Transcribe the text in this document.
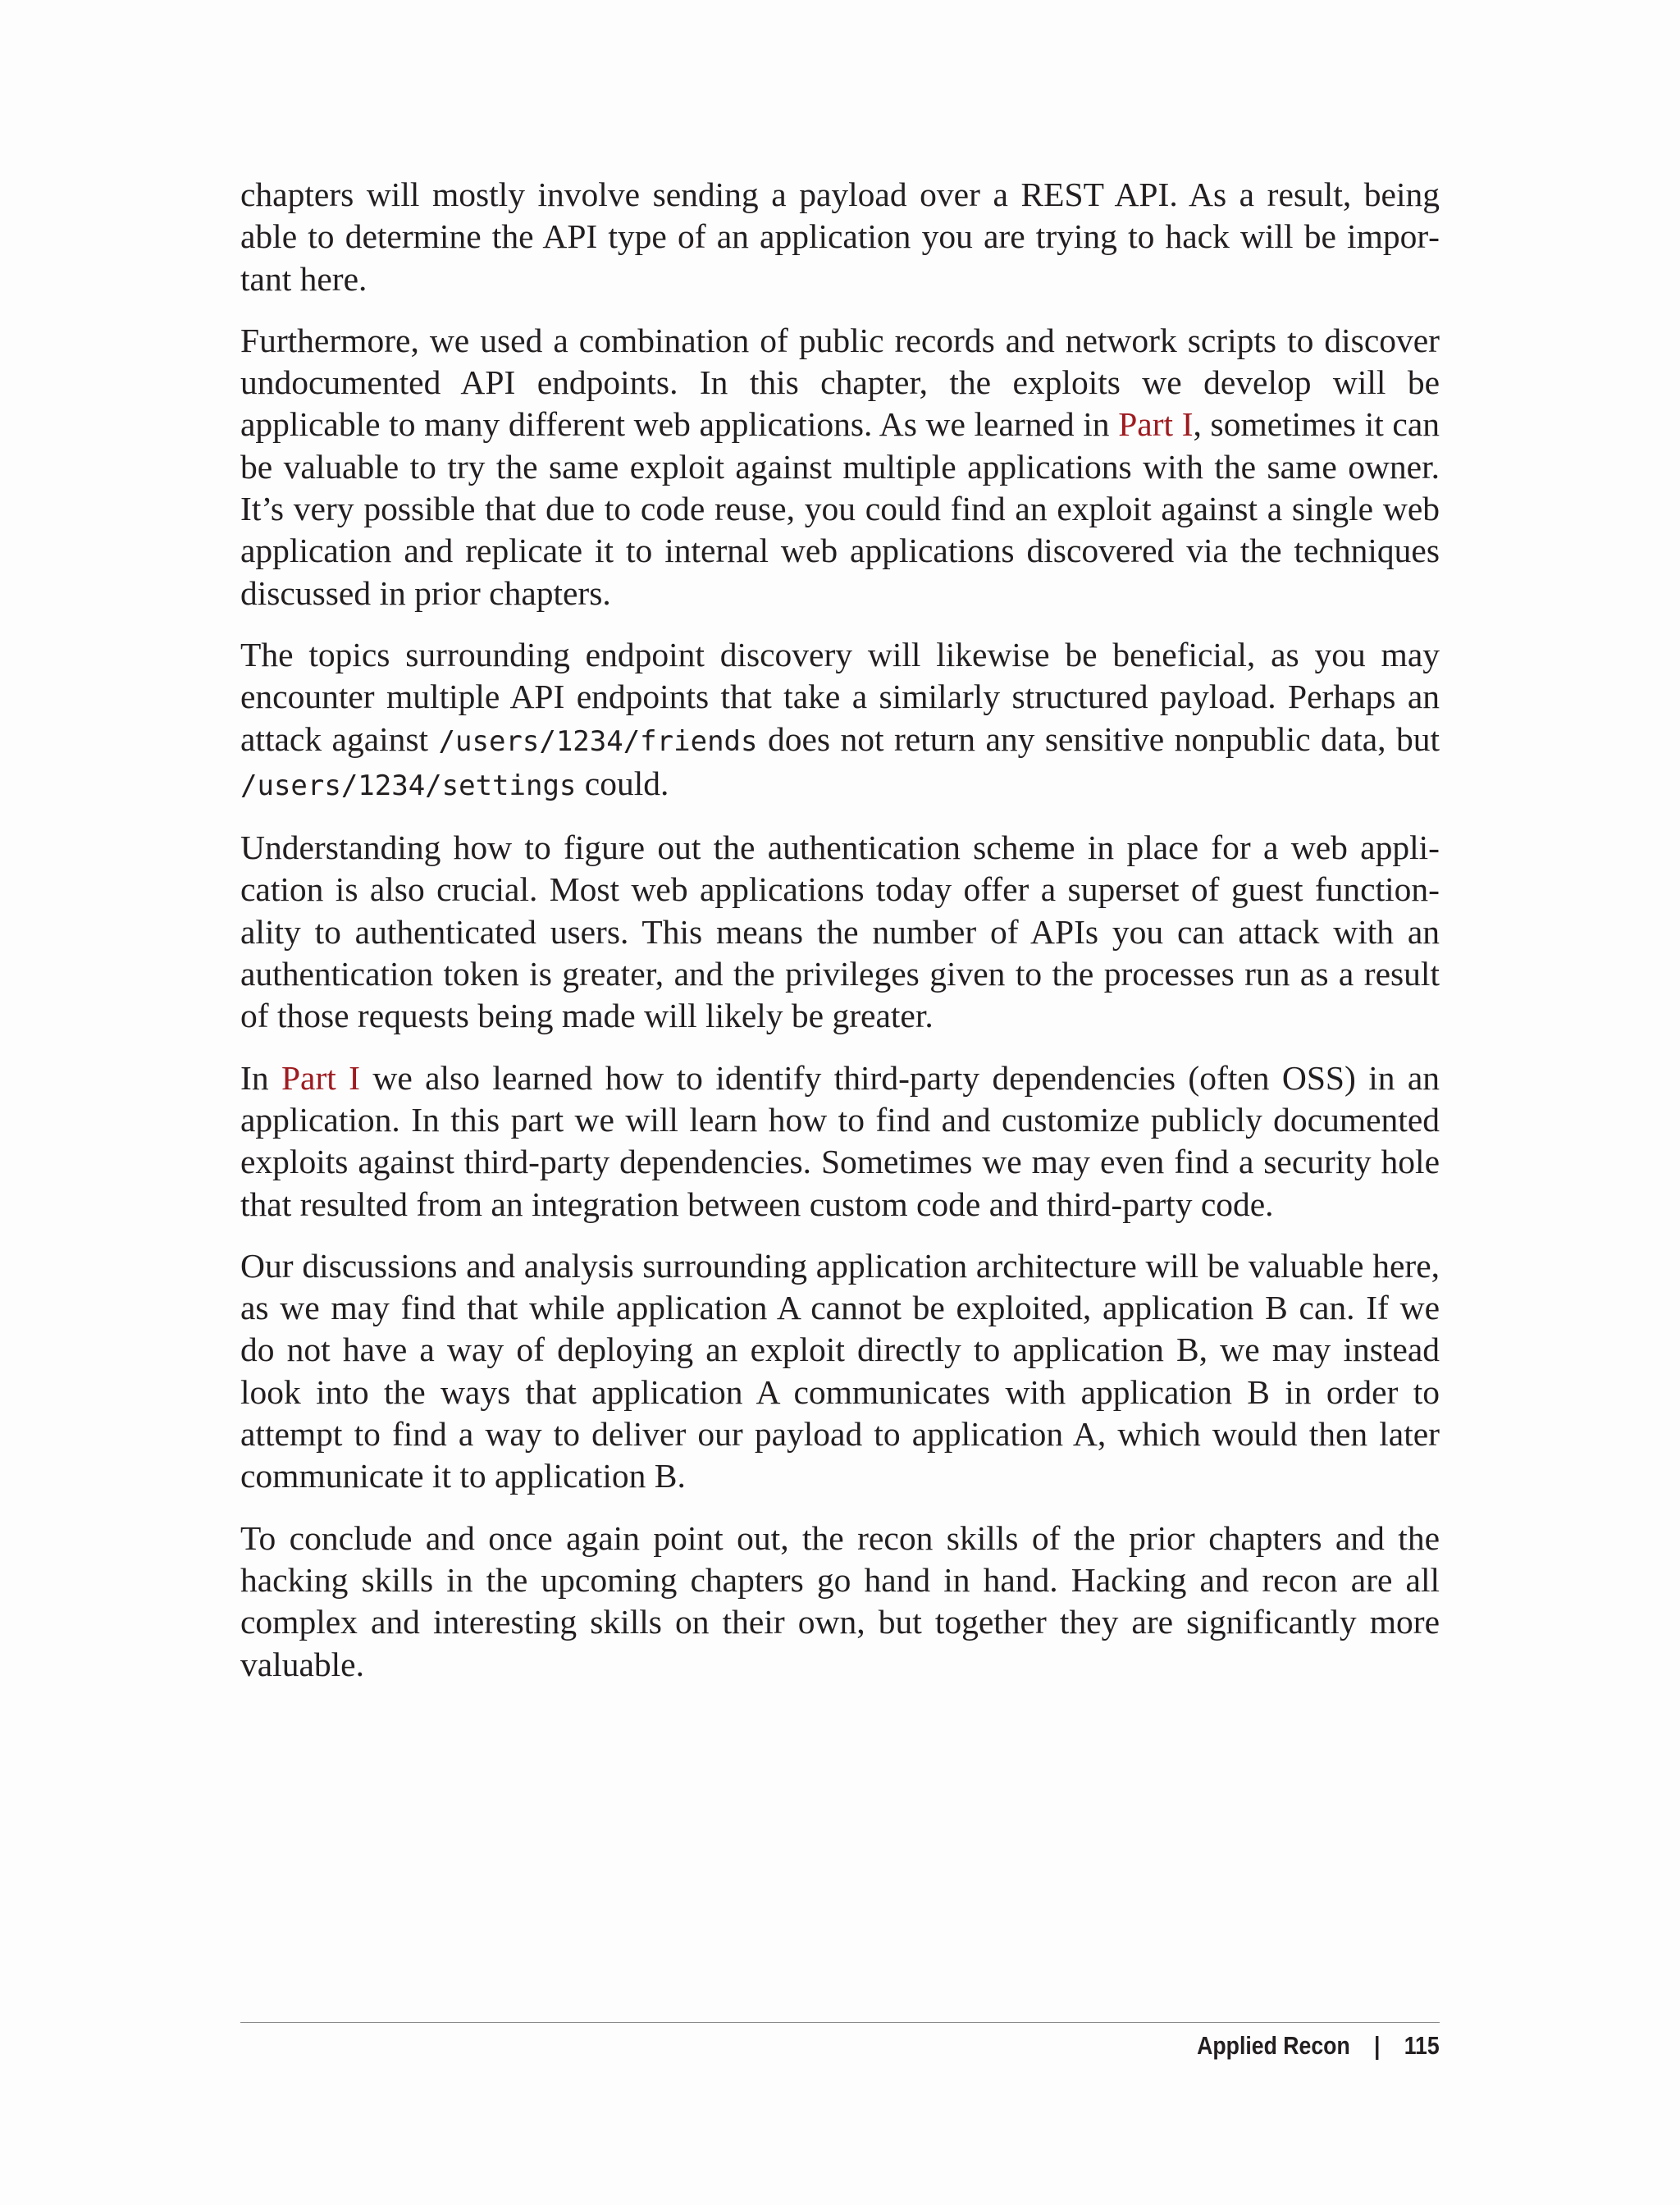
chapters will mostly involve sending a payload over a REST API. As a result, being able to determine the API type of an application you are trying to hack will be important here.

Furthermore, we used a combination of public records and network scripts to discover undocumented API endpoints. In this chapter, the exploits we develop will be applicable to many different web applications. As we learned in Part I, sometimes it can be valuable to try the same exploit against multiple applications with the same owner. It’s very possible that due to code reuse, you could find an exploit against a single web application and replicate it to internal web applications discovered via the techniques discussed in prior chapters.

The topics surrounding endpoint discovery will likewise be beneficial, as you may encounter multiple API endpoints that take a similarly structured payload. Perhaps an attack against /users/1234/friends does not return any sensitive nonpublic data, but /users/1234/settings could.

Understanding how to figure out the authentication scheme in place for a web application is also crucial. Most web applications today offer a superset of guest functionality to authenticated users. This means the number of APIs you can attack with an authentication token is greater, and the privileges given to the processes run as a result of those requests being made will likely be greater.

In Part I we also learned how to identify third-party dependencies (often OSS) in an application. In this part we will learn how to find and customize publicly documented exploits against third-party dependencies. Sometimes we may even find a security hole that resulted from an integration between custom code and third-party code.

Our discussions and analysis surrounding application architecture will be valuable here, as we may find that while application A cannot be exploited, application B can. If we do not have a way of deploying an exploit directly to application B, we may instead look into the ways that application A communicates with application B in order to attempt to find a way to deliver our payload to application A, which would then later communicate it to application B.

To conclude and once again point out, the recon skills of the prior chapters and the hacking skills in the upcoming chapters go hand in hand. Hacking and recon are all complex and interesting skills on their own, but together they are significantly more valuable.

Applied Recon | 115
